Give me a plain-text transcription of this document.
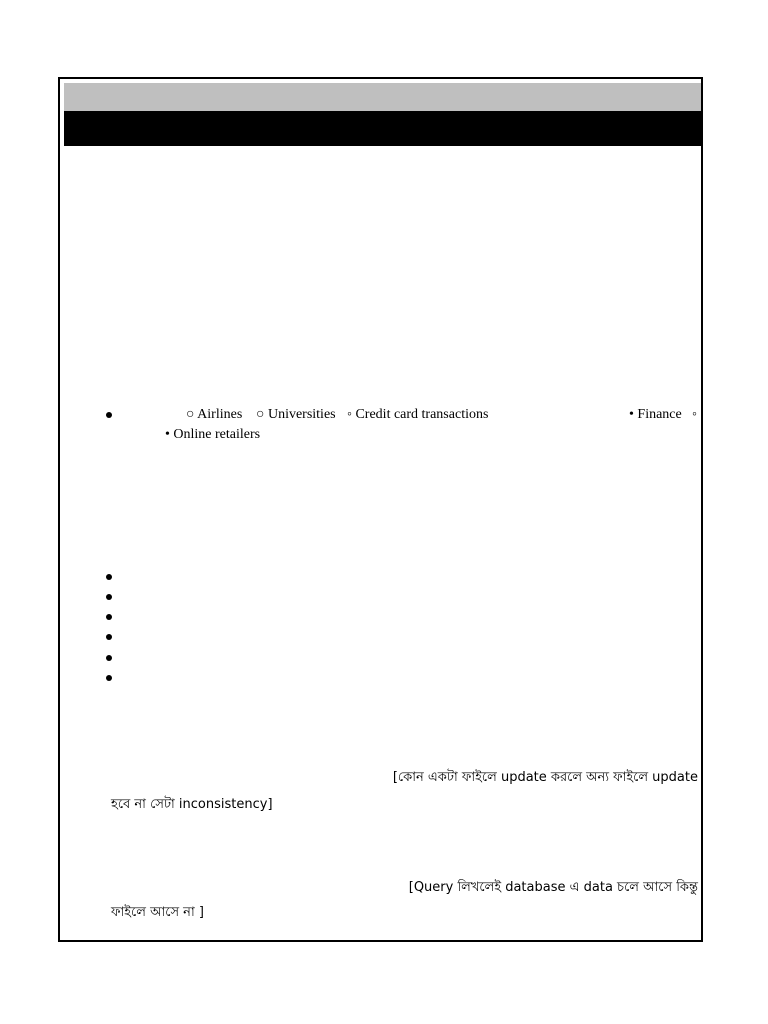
○ Airlines ○ Universities ◦ Credit card transactions	• Finance ◦
• Online retailers
[কোন একটা ফাইলে update করলে অন্য ফাইলে update
হবে না সেটা inconsistency]
[Query লিখলেই database এ data চলে আসে কিন্তু
ফাইলে আসে না ]
